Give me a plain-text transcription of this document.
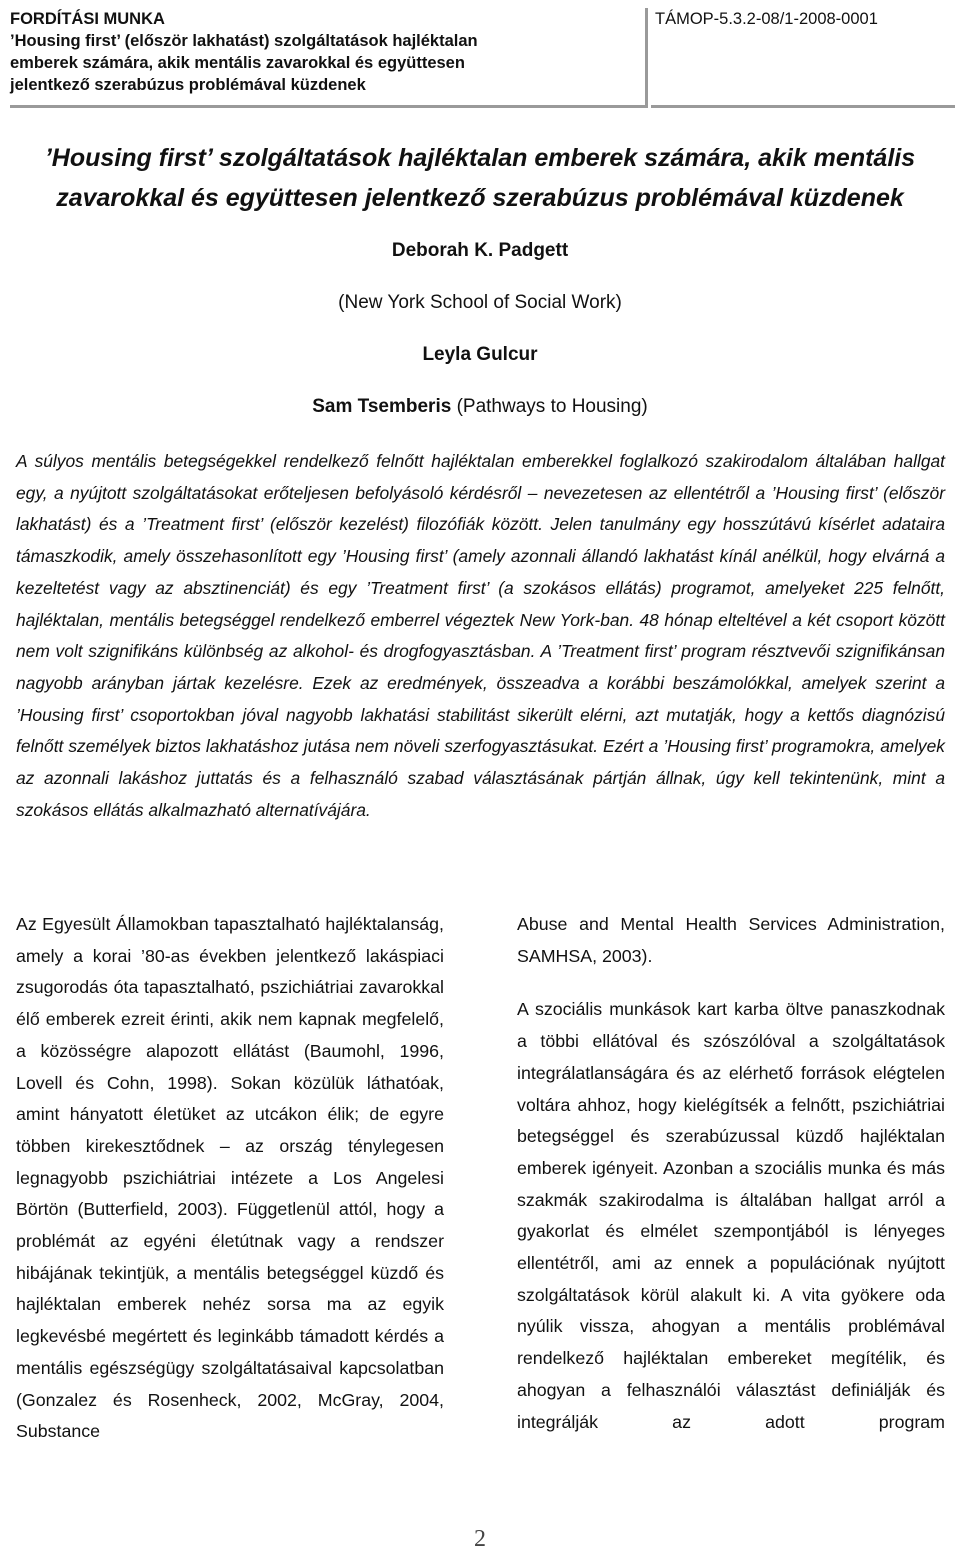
FORDÍTÁSI MUNKA
’Housing first’ (először lakhatást) szolgáltatások hajléktalan
emberek számára, akik mentális zavarokkal és együttesen
jelentkező szerabúzus problémával küzdenek
TÁMOP-5.3.2-08/1-2008-0001
’Housing first’ szolgáltatások hajléktalan emberek számára, akik mentális
zavarokkal és együttesen jelentkező szerabúzus problémával küzdenek
Deborah K. Padgett
(New York School of Social Work)
Leyla Gulcur
Sam Tsemberis (Pathways to Housing)

A súlyos mentális betegségekkel rendelkező felnőtt hajléktalan emberekkel foglalkozó szakirodalom általában hallgat egy, a nyújtott szolgáltatásokat erőteljesen befolyásoló kérdésről – nevezetesen az ellentétről a ’Housing first’ (először lakhatást) és a ’Treatment first’ (először kezelést) filozófiák között. Jelen tanulmány egy hosszútávú kísérlet adataira támaszkodik, amely összehasonlított egy ’Housing first’ (amely azonnali állandó lakhatást kínál anélkül, hogy elvárná a kezeltetést vagy az absztinenciát) és egy ’Treatment first’ (a szokásos ellátás) programot, amelyeket 225 felnőtt, hajléktalan, mentális betegséggel rendelkező emberrel végeztek New York-ban. 48 hónap elteltével a két csoport között nem volt szignifikáns különbség az alkohol- és drogfogyasztásban. A ’Treatment first’ program résztvevői szignifikánsan nagyobb arányban jártak kezelésre. Ezek az eredmények, összeadva a korábbi beszámolókkal, amelyek szerint a ’Housing first’ csoportokban jóval nagyobb lakhatási stabilitást sikerült elérni, azt mutatják, hogy a kettős diagnózisú felnőtt személyek biztos lakhatáshoz jutása nem növeli szerfogyasztásukat. Ezért a ’Housing first’ programokra, amelyek az azonnali lakáshoz juttatás és a felhasználó szabad választásának pártján állnak, úgy kell tekintenünk, mint a szokásos ellátás alkalmazható alternatívájára.

Az Egyesült Államokban tapasztalható hajléktalanság, amely a korai ’80-as években jelentkező lakáspiaci zsugorodás óta tapasztalható, pszichiátriai zavarokkal élő emberek ezreit érinti, akik nem kapnak megfelelő, a közösségre alapozott ellátást (Baumohl, 1996, Lovell és Cohn, 1998). Sokan közülük láthatóak, amint hányatott életüket az utcákon élik; de egyre többen kirekesztődnek – az ország ténylegesen legnagyobb pszichiátriai intézete a Los Angelesi Börtön (Butterfield, 2003). Függetlenül attól, hogy a problémát az egyéni életútnak vagy a rendszer hibájának tekintjük, a mentális betegséggel küzdő és hajléktalan emberek nehéz sorsa ma az egyik legkevésbé megértett és leginkább támadott kérdés a mentális egészségügy szolgáltatásaival kapcsolatban (Gonzalez és Rosenheck, 2002, McGray, 2004, Substance

Abuse and Mental Health Services Administration, SAMHSA, 2003).

A szociális munkások kart karba öltve panaszkodnak a többi ellátóval és szószólóval a szolgáltatások integrálatlanságára és az elérhető források elégtelen voltára ahhoz, hogy kielégítsék a felnőtt, pszichiátriai betegséggel és szerabúzussal küzdő hajléktalan emberek igényeit. Azonban a szociális munka és más szakmák szakirodalma is általában hallgat arról a gyakorlat és elmélet szempontjából is lényeges ellentétről, ami az ennek a populációnak nyújtott szolgáltatások körül alakult ki. A vita gyökere oda nyúlik vissza, ahogyan a mentális problémával rendelkező hajléktalan embereket megítélik, és ahogyan a felhasználói választást definiálják és integrálják az adott program

2
